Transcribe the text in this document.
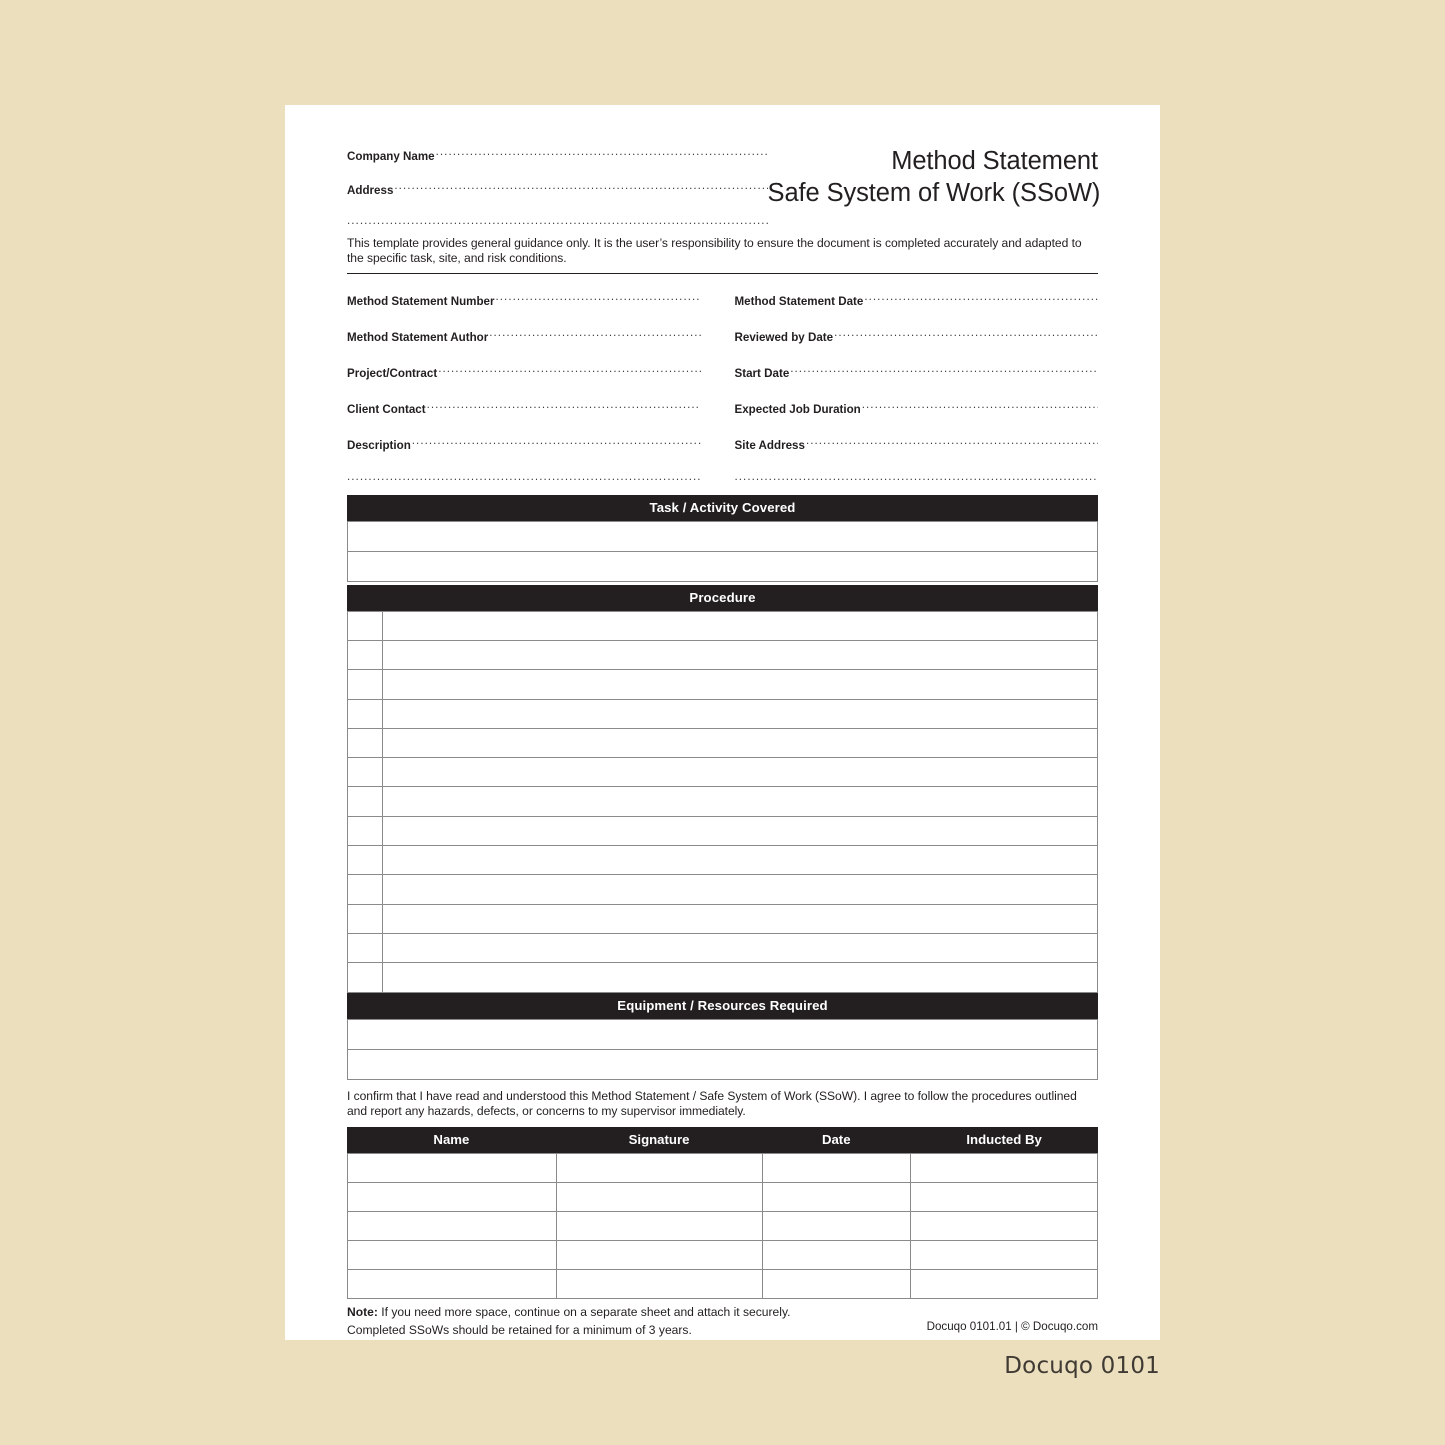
Company Name
.....
Address
.....
.....
Method Statement
Safe System of Work (SSoW)
This template provides general guidance only. It is the user’s responsibility to ensure the document is completed accurately and adapted to the specific task, site, and risk conditions.
Method Statement Number
.....
Method Statement Author
.....
Project/Contract
.....
Client Contact
.....
Description
.....
.....
Method Statement Date
.....
Reviewed by Date
.....
Start Date
.....
Expected Job Duration
.....
Site Address
.....
.....
Task / Activity Covered

Procedure

Equipment / Resources Required

I confirm that I have read and understood this Method Statement / Safe System of Work (SSoW). I agree to follow the procedures outlined and report any hazards, defects, or concerns to my supervisor immediately.
Name	Signature	Date	Inducted By

Note: If you need more space, continue on a separate sheet and attach it securely.
Completed SSoWs should be retained for a minimum of 3 years.	Docuqo 0101.01 | © Docuqo.com
Docuqo 0101
